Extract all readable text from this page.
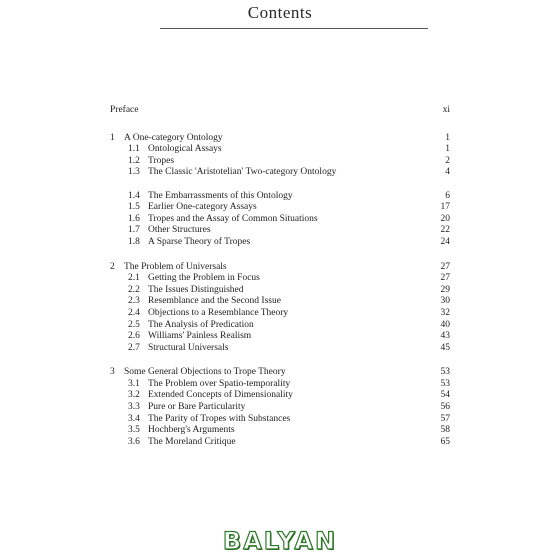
Contents
Preface	xi
1 A One-category Ontology	1
1.1 Ontological Assays	1
1.2 Tropes	2
1.3 The Classic 'Aristotelian' Two-category Ontology	4
1.4 The Embarrassments of this Ontology	6
1.5 Earlier One-category Assays	17
1.6 Tropes and the Assay of Common Situations	20
1.7 Other Structures	22
1.8 A Sparse Theory of Tropes	24
2 The Problem of Universals	27
2.1 Getting the Problem in Focus	27
2.2 The Issues Distinguished	29
2.3 Resemblance and the Second Issue	30
2.4 Objections to a Resemblance Theory	32
2.5 The Analysis of Predication	40
2.6 Williams' Painless Realism	43
2.7 Structural Universals	45
3 Some General Objections to Trope Theory	53
3.1 The Problem over Spatio-temporality	53
3.2 Extended Concepts of Dimensionality	54
3.3 Pure or Bare Particularity	56
3.4 The Parity of Tropes with Substances	57
3.5 Hochberg's Arguments	58
3.6 The Moreland Critique	65
BALYAN
